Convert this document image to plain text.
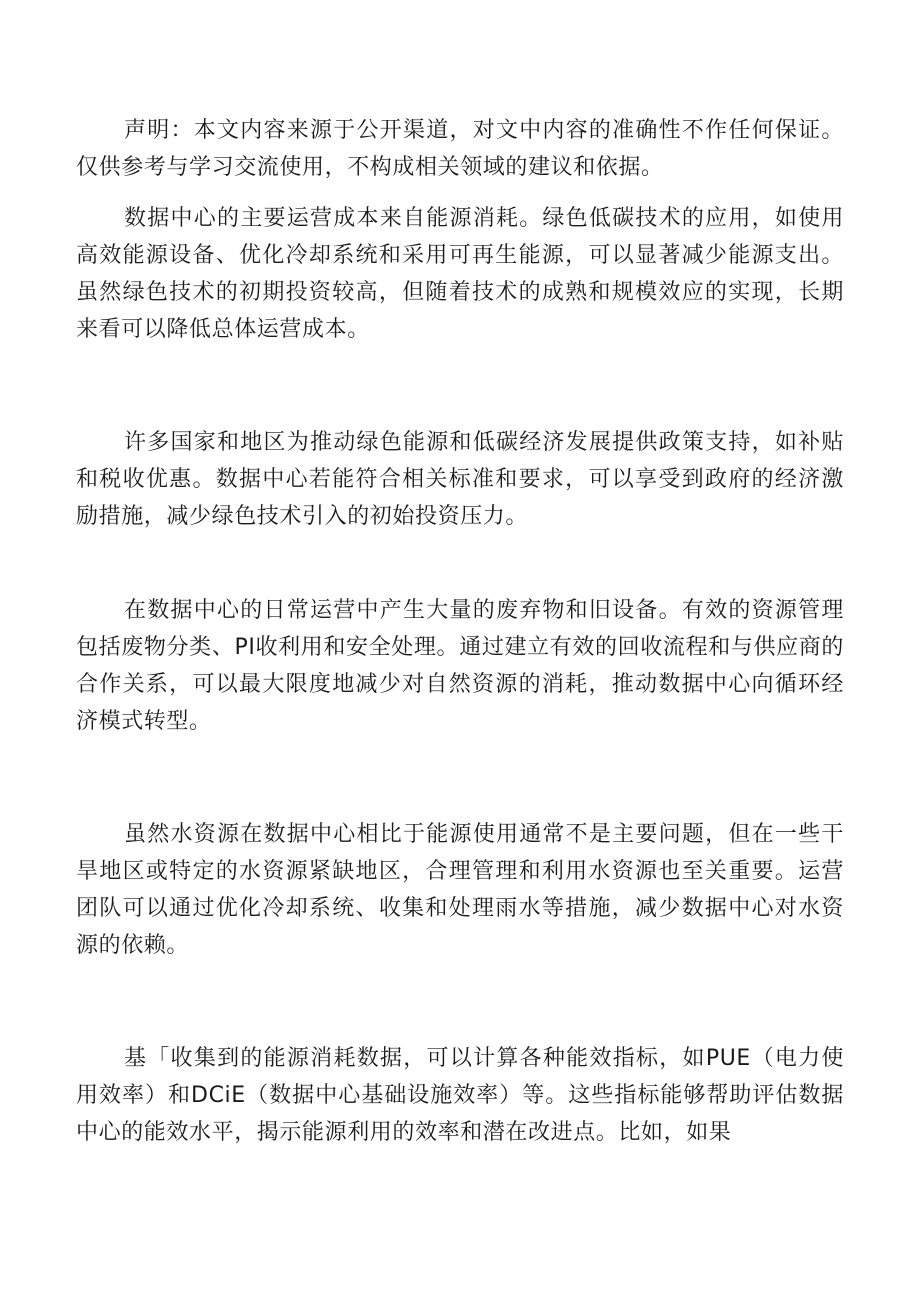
声明：本文内容来源于公开渠道，对文中内容的准确性不作任何保证。仅供参考与学习交流使用，不构成相关领域的建议和依据。

数据中心的主要运营成本来自能源消耗。绿色低碳技术的应用，如使用高效能源设备、优化冷却系统和采用可再生能源，可以显著减少能源支出。虽然绿色技术的初期投资较高，但随着技术的成熟和规模效应的实现，长期来看可以降低总体运营成本。

许多国家和地区为推动绿色能源和低碳经济发展提供政策支持，如补贴和税收优惠。数据中心若能符合相关标准和要求，可以享受到政府的经济激励措施，减少绿色技术引入的初始投资压力。

在数据中心的日常运营中产生大量的废弃物和旧设备。有效的资源管理包括废物分类、PI收利用和安全处理。通过建立有效的回收流程和与供应商的合作关系，可以最大限度地减少对自然资源的消耗，推动数据中心向循环经济模式转型。

虽然水资源在数据中心相比于能源使用通常不是主要问题，但在一些干旱地区或特定的水资源紧缺地区，合理管理和利用水资源也至关重要。运营团队可以通过优化冷却系统、收集和处理雨水等措施，减少数据中心对水资源的依赖。

基「收集到的能源消耗数据，可以计算各种能效指标，如PUE（电力使用效率）和DCiE（数据中心基础设施效率）等。这些指标能够帮助评估数据中心的能效水平，揭示能源利用的效率和潜在改进点。比如，如果
